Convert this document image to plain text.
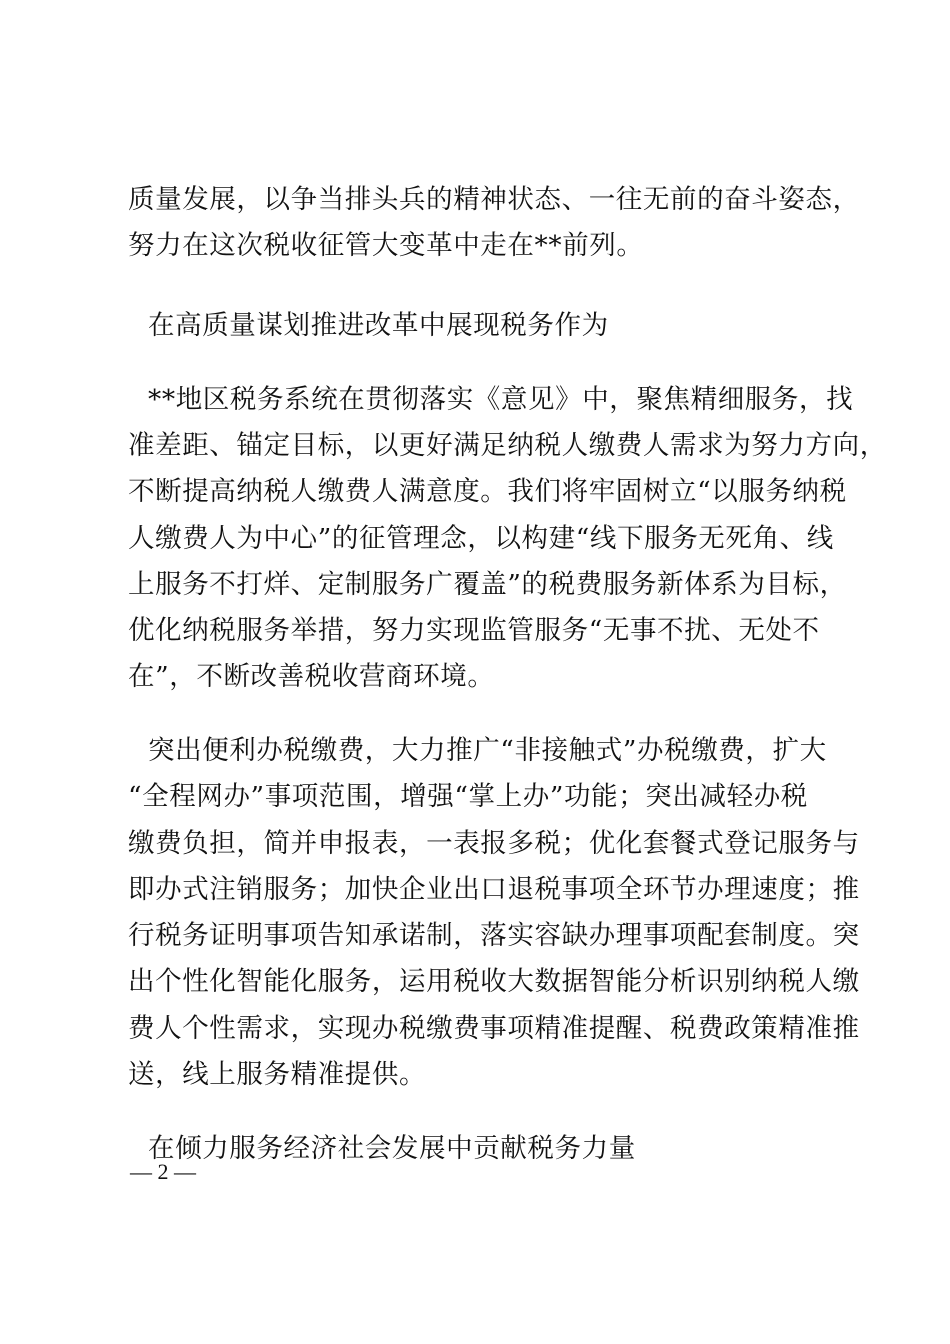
质量发展，以争当排头兵的精神状态、一往无前的奋斗姿态，
努力在这次税收征管大变革中走在**前列。
在高质量谋划推进改革中展现税务作为
**地区税务系统在贯彻落实《意见》中，聚焦精细服务，找
准差距、锚定目标，以更好满足纳税人缴费人需求为努力方向，
不断提高纳税人缴费人满意度。我们将牢固树立“以服务纳税
人缴费人为中心”的征管理念，以构建“线下服务无死角、线
上服务不打烊、定制服务广覆盖”的税费服务新体系为目标，
优化纳税服务举措，努力实现监管服务“无事不扰、无处不
在”，不断改善税收营商环境。
突出便利办税缴费，大力推广“非接触式”办税缴费，扩大
“全程网办”事项范围，增强“掌上办”功能；突出减轻办税
缴费负担，简并申报表，一表报多税；优化套餐式登记服务与
即办式注销服务；加快企业出口退税事项全环节办理速度；推
行税务证明事项告知承诺制，落实容缺办理事项配套制度。突
出个性化智能化服务，运用税收大数据智能分析识别纳税人缴
费人个性需求，实现办税缴费事项精准提醒、税费政策精准推
送，线上服务精准提供。
在倾力服务经济社会发展中贡献税务力量
— 2 —
